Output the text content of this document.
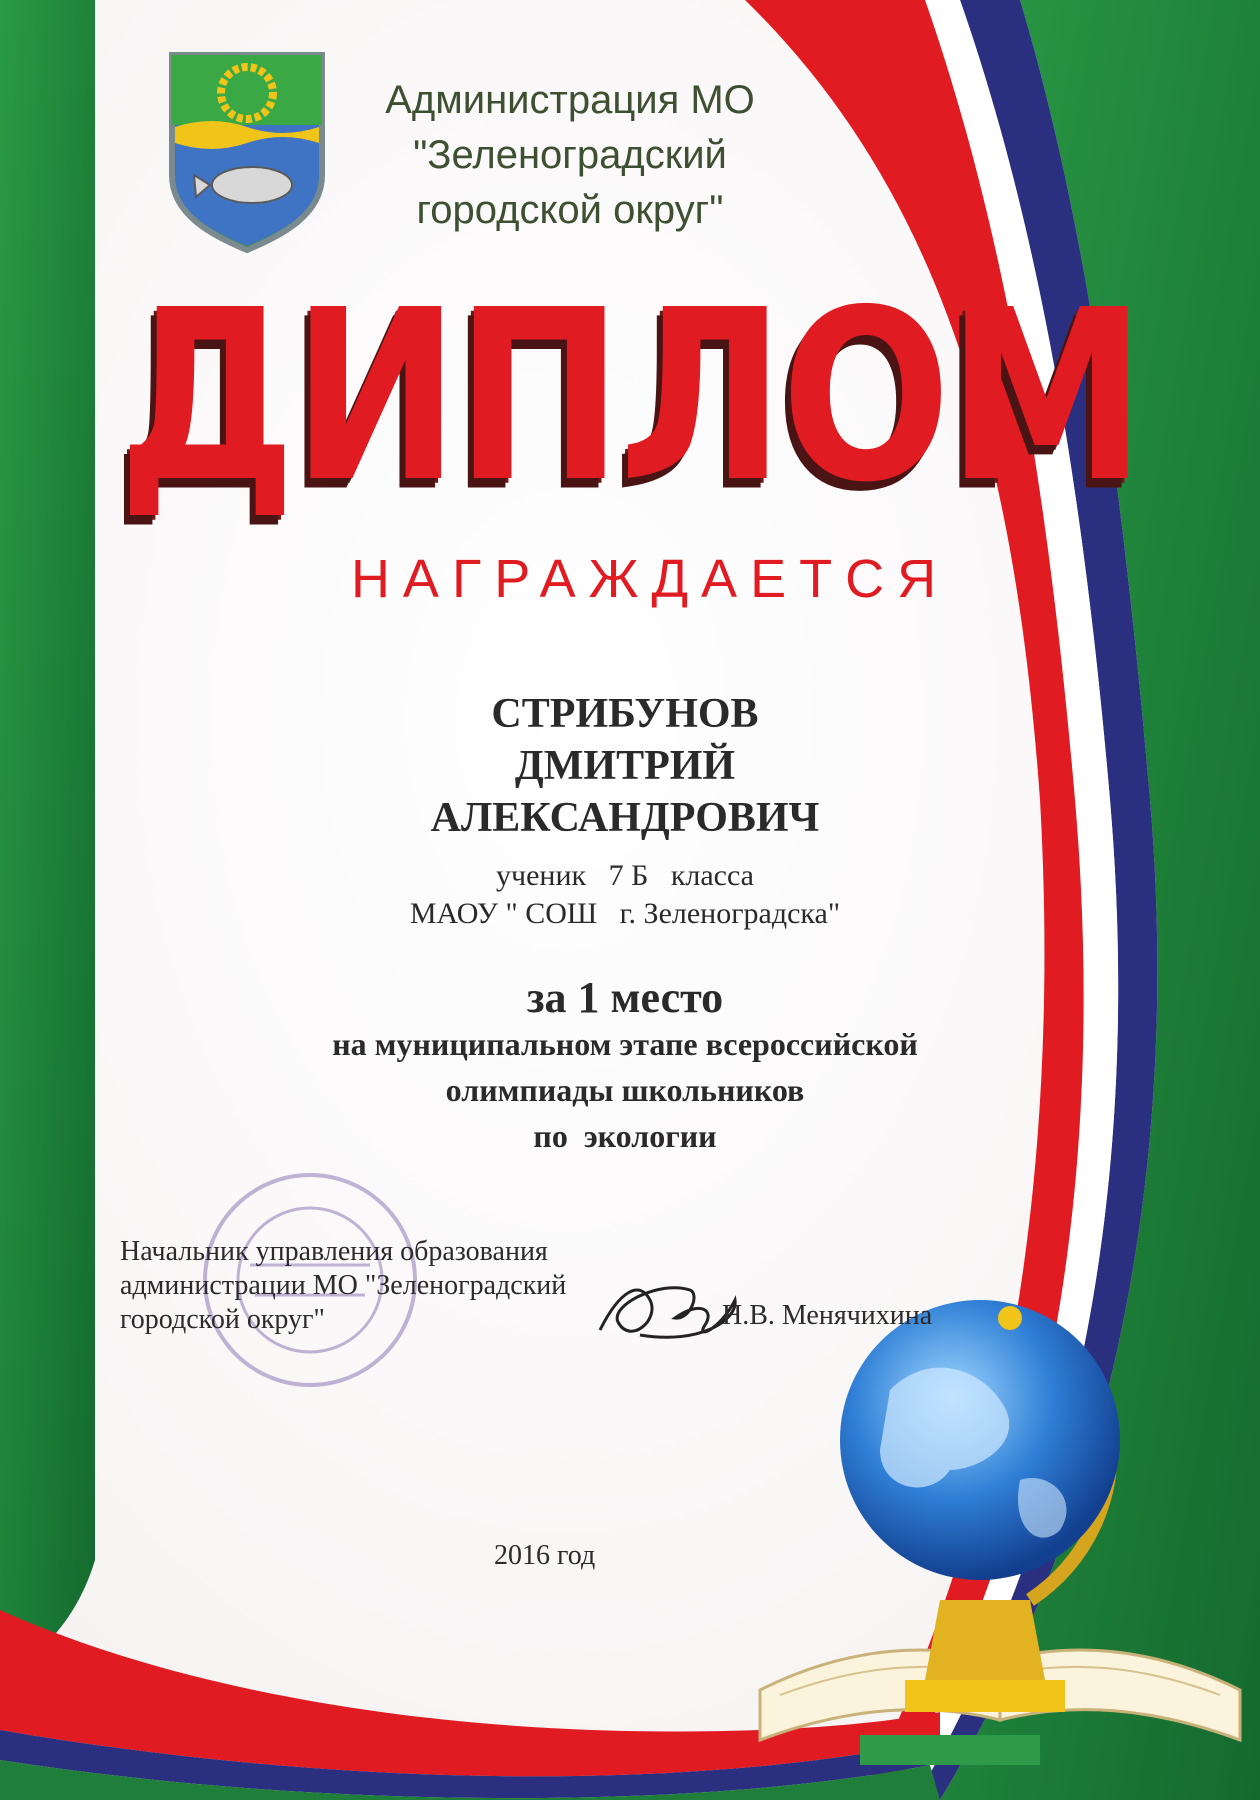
Администрация МО
"Зеленоградский
городской округ"
ДИПЛОМ
НАГРАЖДАЕТСЯ
СТРИБУНОВ
ДМИТРИЙ
АЛЕКСАНДРОВИЧ
ученик   7 Б   класса
МАОУ " СОШ   г. Зеленоградска"
за 1 место
на муниципальном этапе всероссийской
олимпиады школьников
по  экологии
Начальник управления образования
администрации МО "Зеленоградский
городской округ"	Н.В. Менячихина
2016 год
